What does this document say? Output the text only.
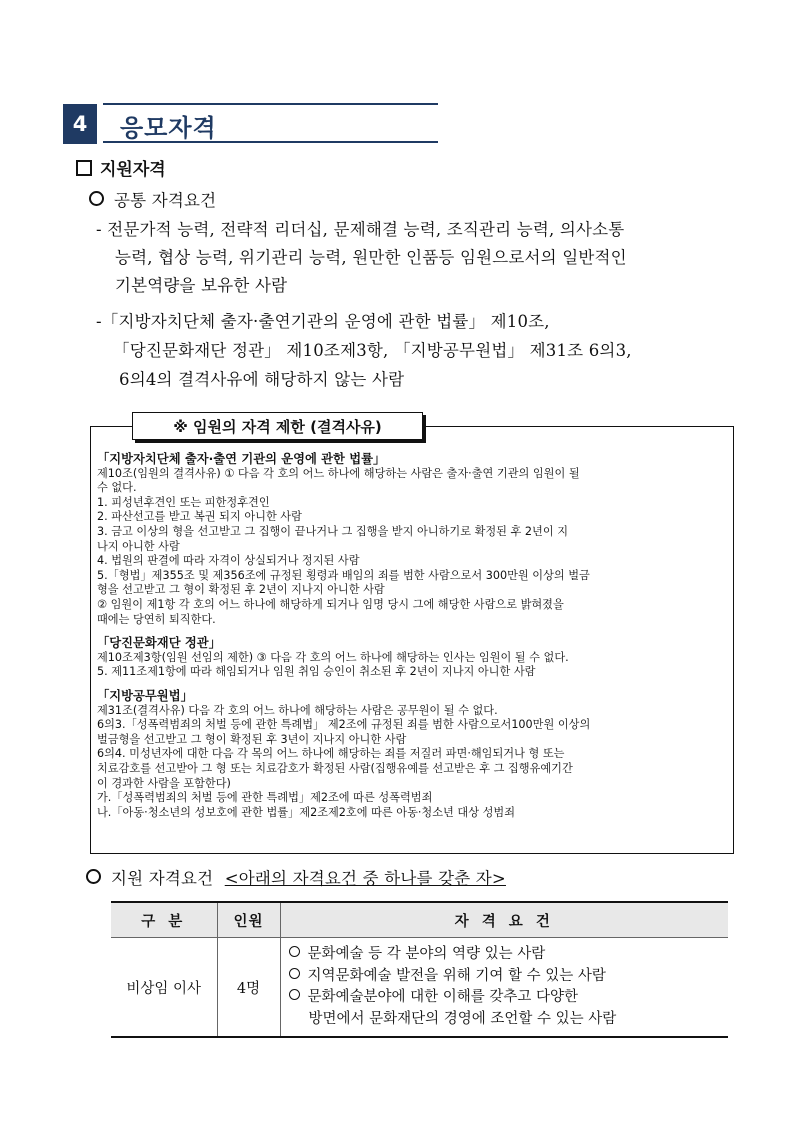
4	응모자격
지원자격
공통 자격요건
- 전문가적 능력, 전략적 리더십, 문제해결 능력, 조직관리 능력, 의사소통
능력, 협상 능력, 위기관리 능력, 원만한 인품등 임원으로서의 일반적인
기본역량을 보유한 사람
-「지방자치단체 출자·출연기관의 운영에 관한 법률」 제10조,
「당진문화재단 정관」 제10조제3항, 「지방공무원법」 제31조 6의3,
6의4의 결격사유에 해당하지 않는 사람
※ 임원의 자격 제한 (결격사유)
「지방자치단체 출자·출연 기관의 운영에 관한 법률」
제10조(임원의 결격사유) ① 다음 각 호의 어느 하나에 해당하는 사람은 출자·출연 기관의 임원이 될
수 없다.
1. 피성년후견인 또는 피한정후견인
2. 파산선고를 받고 복권 되지 아니한 사람
3. 금고 이상의 형을 선고받고 그 집행이 끝나거나 그 집행을 받지 아니하기로 확정된 후 2년이 지
나지 아니한 사람
4. 법원의 판결에 따라 자격이 상실되거나 정지된 사람
5.「형법」제355조 및 제356조에 규정된 횡령과 배임의 죄를 범한 사람으로서 300만원 이상의 벌금
형을 선고받고 그 형이 확정된 후 2년이 지나지 아니한 사람
② 임원이 제1항 각 호의 어느 하나에 해당하게 되거나 임명 당시 그에 해당한 사람으로 밝혀졌을
때에는 당연히 퇴직한다.
「당진문화재단 정관」
제10조제3항(임원 선임의 제한) ③ 다음 각 호의 어느 하나에 해당하는 인사는 임원이 될 수 없다.
5. 제11조제1항에 따라 해임되거나 임원 취임 승인이 취소된 후 2년이 지나지 아니한 사람
「지방공무원법」
제31조(결격사유) 다음 각 호의 어느 하나에 해당하는 사람은 공무원이 될 수 없다.
6의3.「성폭력범죄의 처벌 등에 관한 특례법」 제2조에 규정된 죄를 범한 사람으로서100만원 이상의
벌금형을 선고받고 그 형이 확정된 후 3년이 지나지 아니한 사람
6의4. 미성년자에 대한 다음 각 목의 어느 하나에 해당하는 죄를 저질러 파면·해임되거나 형 또는
치료감호를 선고받아 그 형 또는 치료감호가 확정된 사람(집행유예를 선고받은 후 그 집행유예기간
이 경과한 사람을 포함한다)
가.「성폭력범죄의 처벌 등에 관한 특례법」제2조에 따른 성폭력범죄
나.「아동·청소년의 성보호에 관한 법률」제2조제2호에 따른 아동·청소년 대상 성범죄
지원 자격요건 <아래의 자격요건 중 하나를 갖춘 자>
구 분	인원	자 격 요 건
비상임 이사	4명	문화예술 등 각 분야의 역량 있는 사람
지역문화예술 발전을 위해 기여 할 수 있는 사람
문화예술분야에 대한 이해를 갖추고 다양한
방면에서 문화재단의 경영에 조언할 수 있는 사람
